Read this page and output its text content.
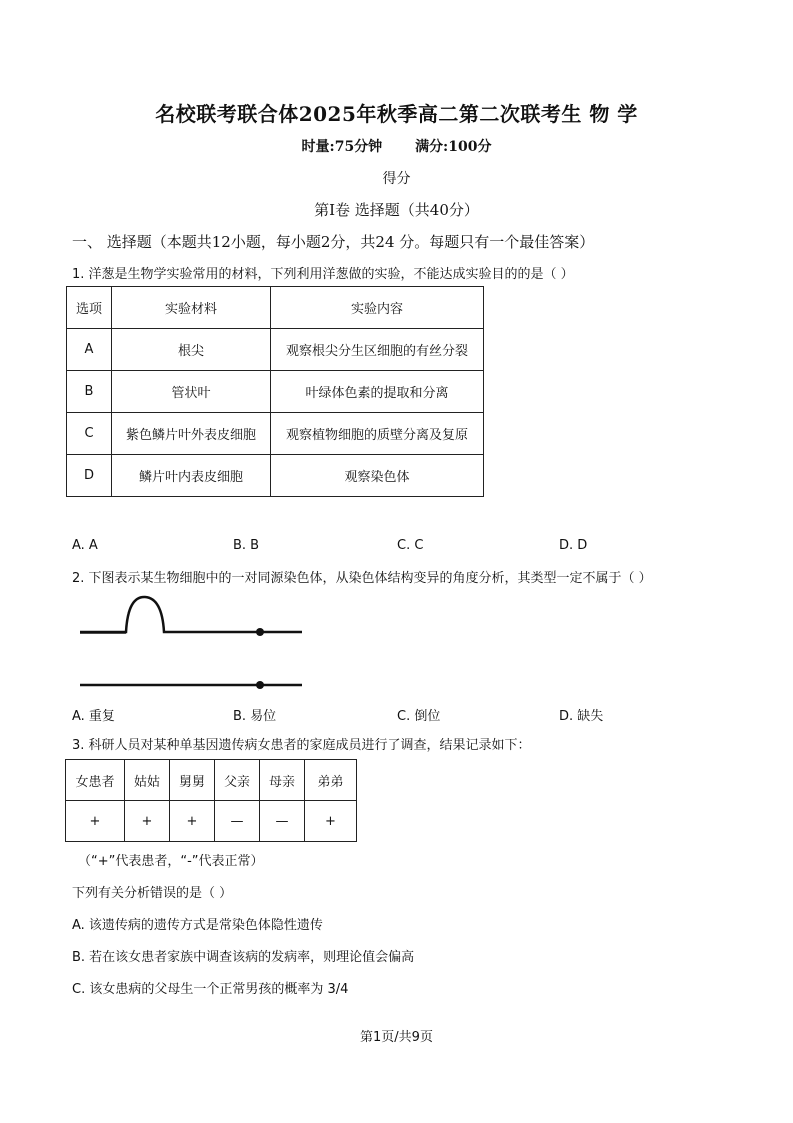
名校联考联合体2025年秋季高二第二次联考生 物 学
时量:75分钟 满分:100分
得分
第Ⅰ卷 选择题（共40分）
一、 选择题（本题共12小题，每小题2分，共24 分。每题只有一个最佳答案）
1. 洋葱是生物学实验常用的材料，下列利用洋葱做的实验，不能达成实验目的的是（ ）
选项	实验材料	实验内容
A	根尖	观察根尖分生区细胞的有丝分裂
B	管状叶	叶绿体色素的提取和分离
C	紫色鳞片叶外表皮细胞	观察植物细胞的质壁分离及复原
D	鳞片叶内表皮细胞	观察染色体
A. A	B. B	C. C	D. D
2. 下图表示某生物细胞中的一对同源染色体，从染色体结构变异的角度分析，其类型一定不属于（ ）
A. 重复	B. 易位	C. 倒位	D. 缺失
3. 科研人员对某种单基因遗传病女患者的家庭成员进行了调查，结果记录如下：
女患者	姑姑	舅舅	父亲	母亲	弟弟
+	+	+	—	—	+
（“+”代表患者，“-”代表正常）
下列有关分析错误的是（ ）
A. 该遗传病的遗传方式是常染色体隐性遗传
B. 若在该女患者家族中调查该病的发病率，则理论值会偏高
C. 该女患病的父母生一个正常男孩的概率为 3/4
第1页/共9页
